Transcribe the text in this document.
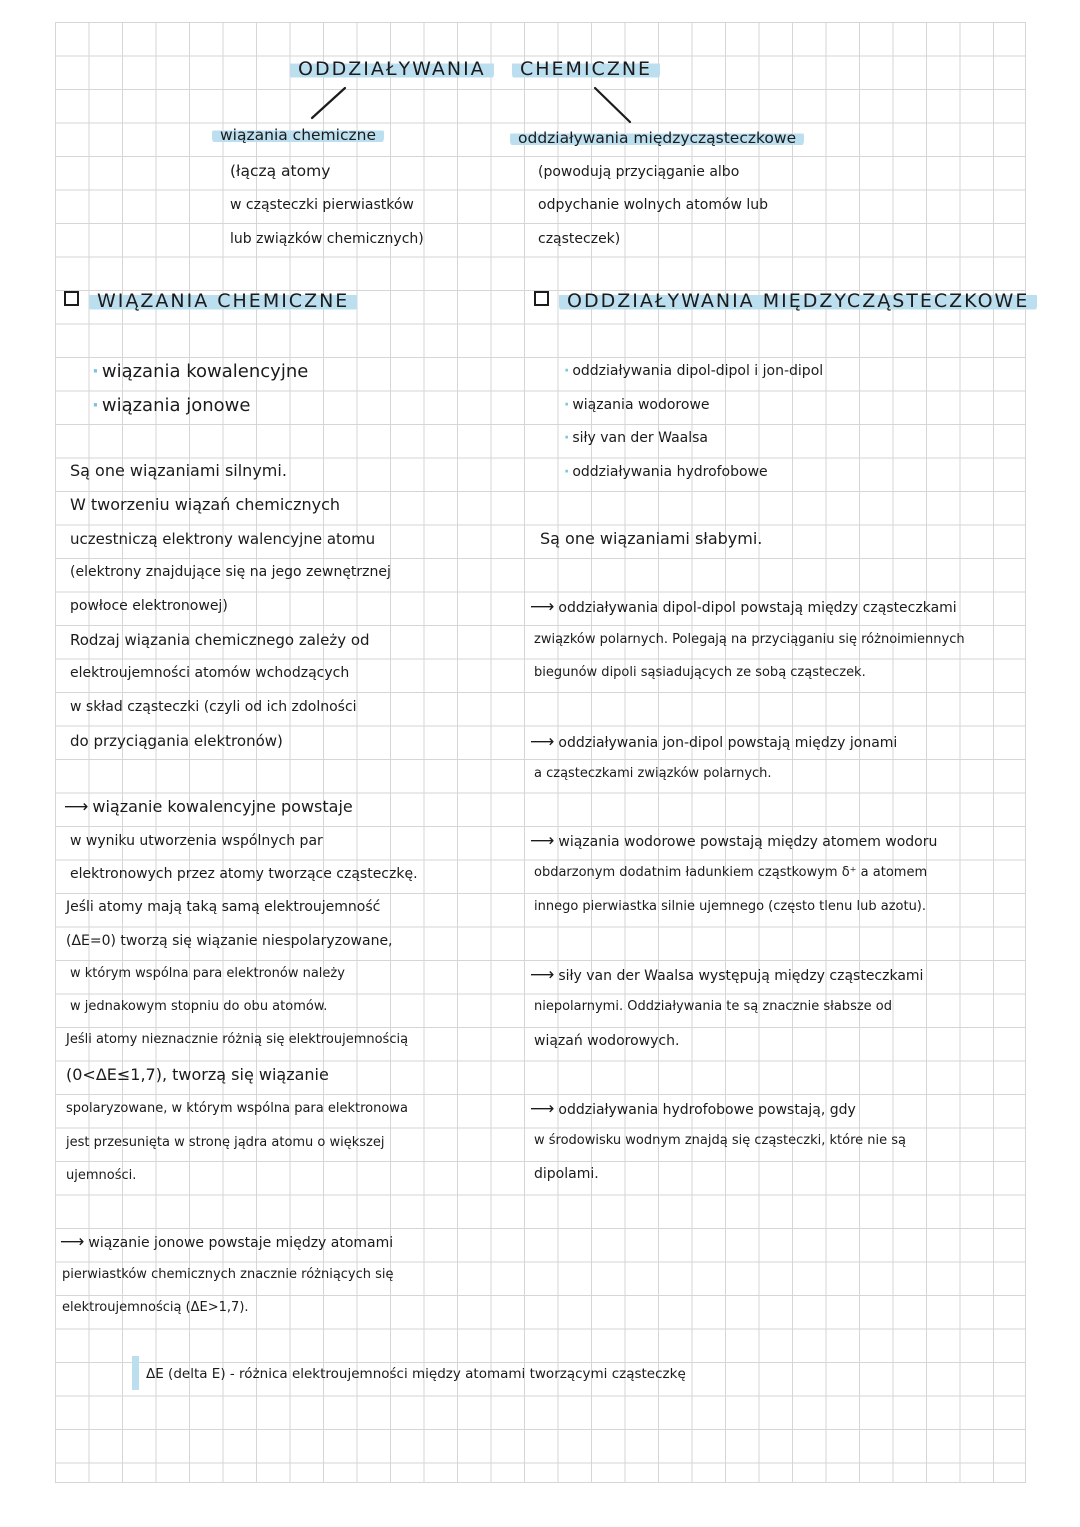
ODDZIAŁYWANIA	CHEMICZNE
wiązania chemiczne
(łączą atomy
w cząsteczki pierwiastków
lub związków chemicznych)
oddziaływania międzycząsteczkowe
(powodują przyciąganie albo
odpychanie wolnych atomów lub
cząsteczek)
WIĄZANIA CHEMICZNE	ODDZIAŁYWANIA MIĘDZYCZĄSTECZKOWE
· wiązania kowalencyjne
· wiązania jonowe
· oddziaływania dipol-dipol i jon-dipol
· wiązania wodorowe
· siły van der Waalsa
· oddziaływania hydrofobowe
Są one wiązaniami silnymi.
W tworzeniu wiązań chemicznych
uczestniczą elektrony walencyjne atomu
(elektrony znajdujące się na jego zewnętrznej
powłoce elektronowej)
Rodzaj wiązania chemicznego zależy od
elektroujemności atomów wchodzących
w skład cząsteczki (czyli od ich zdolności
do przyciągania elektronów)
⟶ wiązanie kowalencyjne powstaje
w wyniku utworzenia wspólnych par
elektronowych przez atomy tworzące cząsteczkę.
Jeśli atomy mają taką samą elektroujemność
(ΔE=0) tworzą się wiązanie niespolaryzowane,
w którym wspólna para elektronów należy
w jednakowym stopniu do obu atomów.
Jeśli atomy nieznacznie różnią się elektroujemnością
(0<ΔE≤1,7), tworzą się wiązanie
spolaryzowane, w którym wspólna para elektronowa
jest przesunięta w stronę jądra atomu o większej
ujemności.
⟶ wiązanie jonowe powstaje między atomami
pierwiastków chemicznych znacznie różniących się
elektroujemnością (ΔE>1,7).
Są one wiązaniami słabymi.
⟶ oddziaływania dipol-dipol powstają między cząsteczkami
związków polarnych. Polegają na przyciąganiu się różnoimiennych
biegunów dipoli sąsiadujących ze sobą cząsteczek.
⟶ oddziaływania jon-dipol powstają między jonami
a cząsteczkami związków polarnych.
⟶ wiązania wodorowe powstają między atomem wodoru
obdarzonym dodatnim ładunkiem cząstkowym δ⁺ a atomem
innego pierwiastka silnie ujemnego (często tlenu lub azotu).
⟶ siły van der Waalsa występują między cząsteczkami
niepolarnymi. Oddziaływania te są znacznie słabsze od
wiązań wodorowych.
⟶ oddziaływania hydrofobowe powstają, gdy
w środowisku wodnym znajdą się cząsteczki, które nie są
dipolami.
ΔE (delta E) - różnica elektroujemności między atomami tworzącymi cząsteczkę
